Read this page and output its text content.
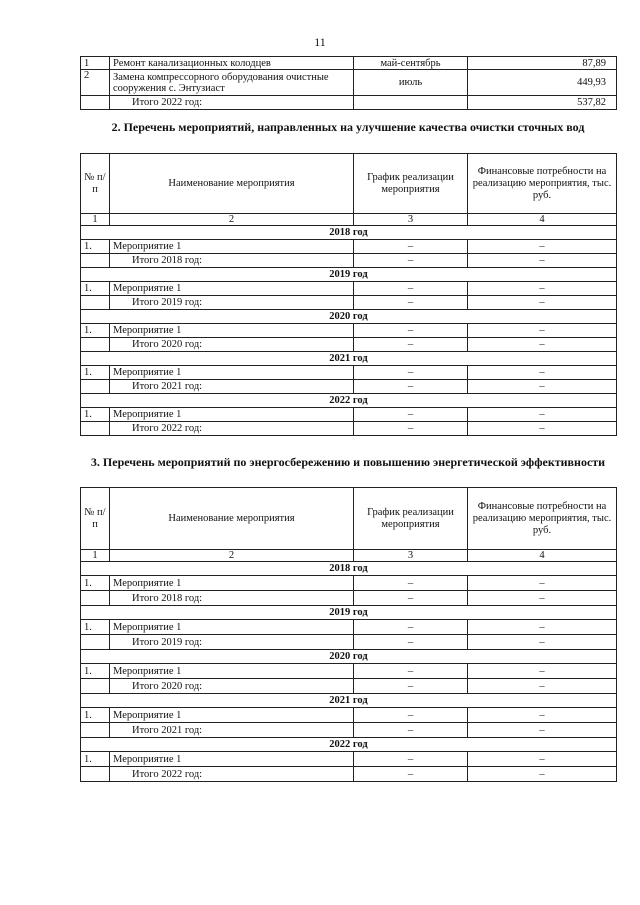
11
1	Ремонт канализационных колодцев	май-сентябрь	87,89
2	Замена компрессорного оборудования очистные сооружения с. Энтузиаст	июль	449,93
	Итого 2022 год:		537,82
2. Перечень мероприятий, направленных на улучшение качества очистки сточных вод
№ п/п	Наименование мероприятия	График реализации мероприятия	Финансовые потребности на реализацию мероприятия, тыс. руб.
1	2	3	4
2018 год			
1.	Мероприятие 1	–	–
	Итого 2018 год:	–	–
2019 год			
1.	Мероприятие 1	–	–
	Итого 2019 год:	–	–
2020 год			
1.	Мероприятие 1	–	–
	Итого 2020 год:	–	–
2021 год			
1.	Мероприятие 1	–	–
	Итого 2021 год:	–	–
2022 год			
1.	Мероприятие 1	–	–
	Итого 2022 год:	–	–
3. Перечень мероприятий по энергосбережению и повышению энергетической эффективности
№ п/п	Наименование мероприятия	График реализации мероприятия	Финансовые потребности на реализацию мероприятия, тыс. руб.
1	2	3	4
2018 год			
1.	Мероприятие 1	–	–
	Итого 2018 год:	–	–
2019 год			
1.	Мероприятие 1	–	–
	Итого 2019 год:	–	–
2020 год			
1.	Мероприятие 1	–	–
	Итого 2020 год:	–	–
2021 год			
1.	Мероприятие 1	–	–
	Итого 2021 год:	–	–
2022 год			
1.	Мероприятие 1	–	–
	Итого 2022 год:	–	–
